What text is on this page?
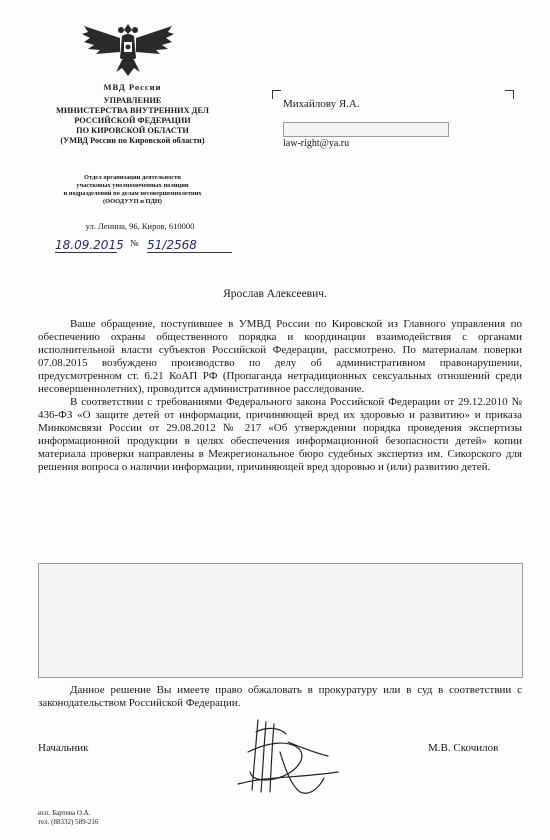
МВД России
УПРАВЛЕНИЕ
МИНИСТЕРСТВА ВНУТРЕННИХ ДЕЛ
РОССИЙСКОЙ ФЕДЕРАЦИИ
ПО КИРОВСКОЙ ОБЛАСТИ
(УМВД России по Кировской области)
Отдел организации деятельности
участковых уполномоченных полиции
и подразделений по делам несовершеннолетних
(ОООДУУП и ПДН)
ул. Ленина, 96, Киров, 610000
18.09.2015 № 51/2568
Михайлову Я.А.
law-right@ya.ru
Ярослав Алексеевич.

Ваше обращение, поступившее в УМВД России по Кировской из Главного управления по обеспечению охраны общественного порядка и координации взаимодействия с органами исполнительной власти субъектов Российской Федерации, рассмотрено. По материалам поверки 07.08.2015 возбуждено производство по делу об административном правонарушении, предусмотренном ст. 6.21 КоАП РФ (Пропаганда нетрадиционных сексуальных отношений среди несовершеннолетних), проводится административное расследование.

В соответствии с требованиями Федерального закона Российской Федерации от 29.12.2010 № 436-ФЗ «О защите детей от информации, причиняющей вред их здоровью и развитию» и приказа Минкомсвязи России от 29.08.2012 № 217 «Об утверждении порядка проведения экспертизы информационной продукции в целях обеспечения информационной безопасности детей» копии материала проверки направлены в Межрегиональное бюро судебных экспертиз им. Сикорского для решения вопроса о наличии информации, причиняющей вред здоровью и (или) развитию детей.

Данное решение Вы имеете право обжаловать в прокуратуру или в суд в соответствии с законодательством Российской Федерации.
Начальник	М.В. Скочилов
исп. Бартева О.А.
тел. (88332) 589-216
